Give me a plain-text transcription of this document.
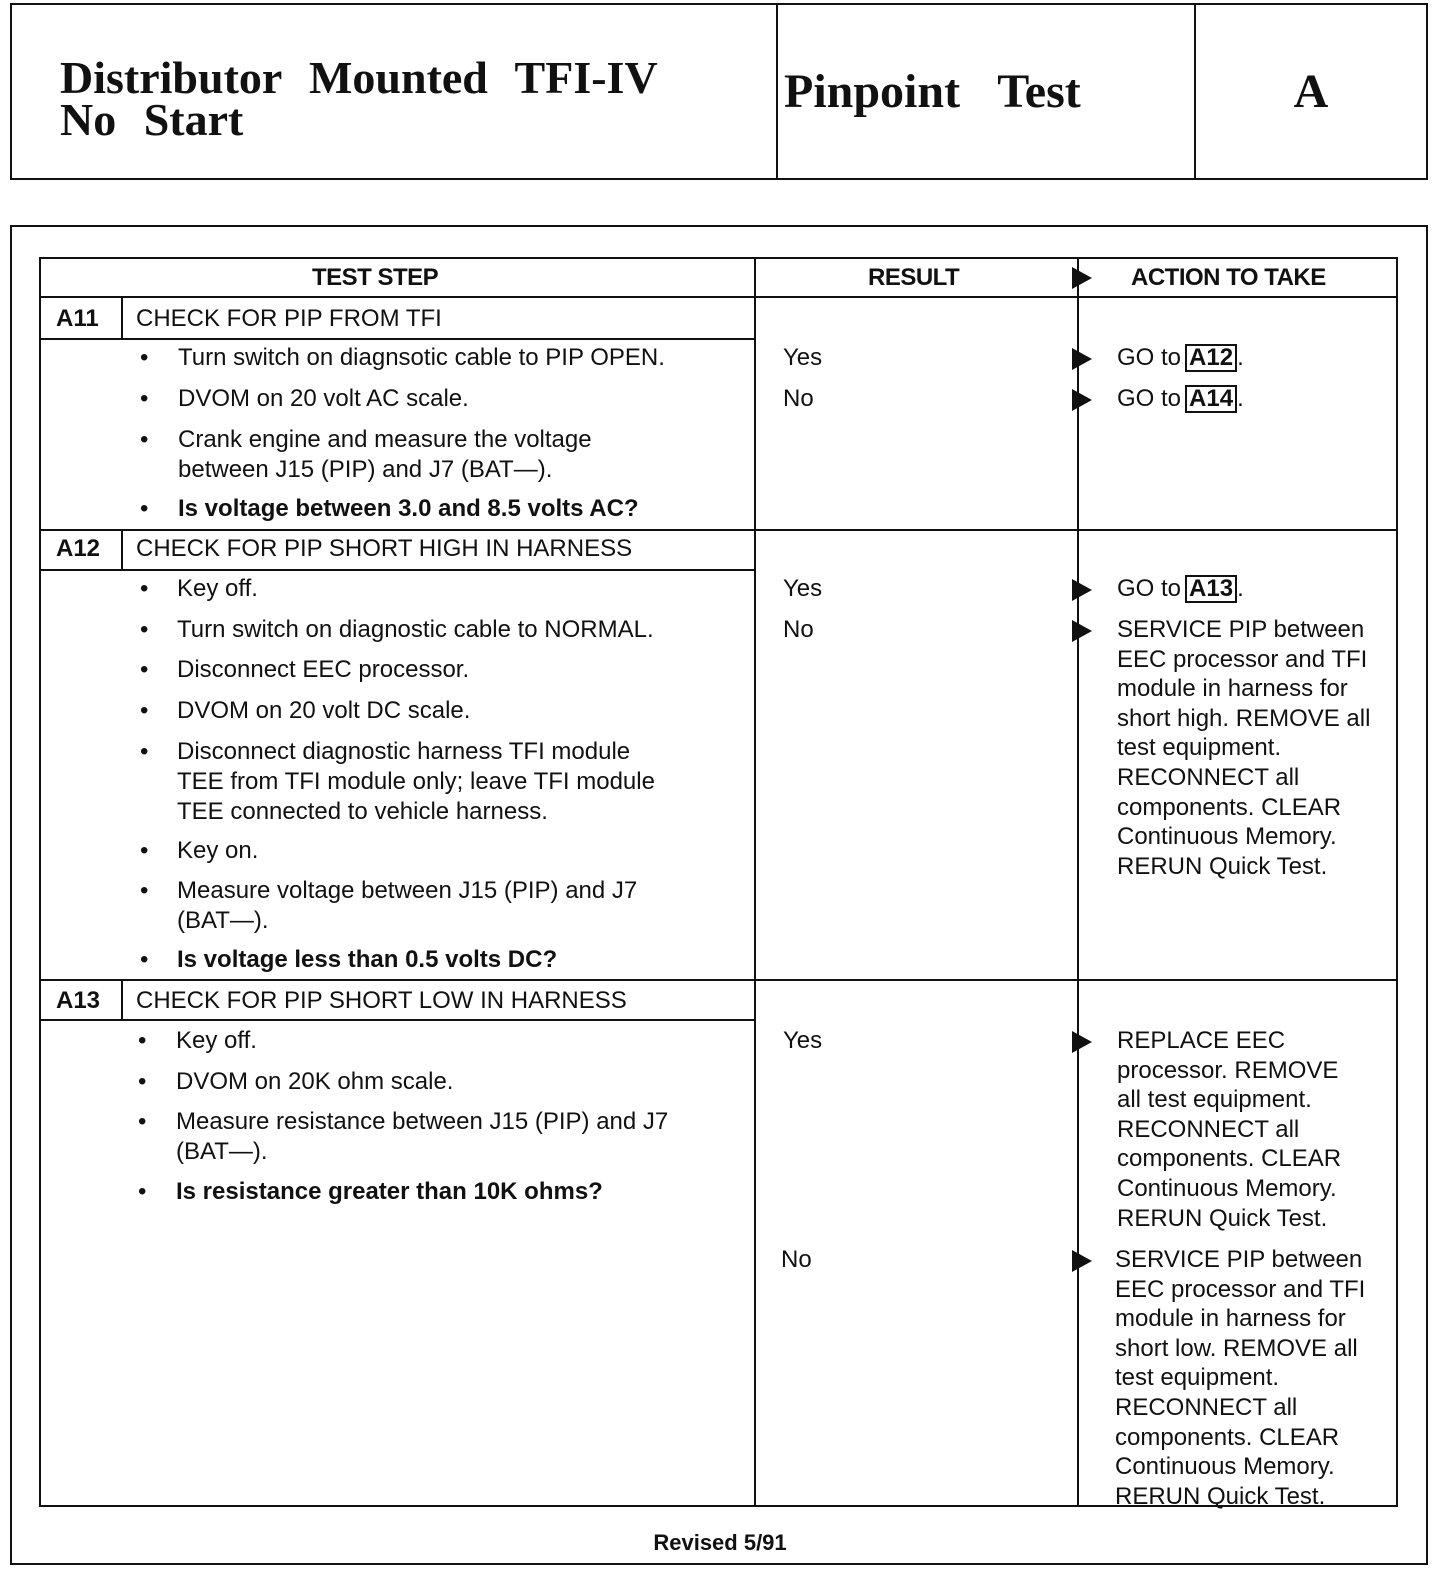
Distributor Mounted TFI-IV
No Start
Pinpoint Test	A
TEST STEP	RESULT	ACTION TO TAKE
A11 CHECK FOR PIP FROM TFI
• Turn switch on diagnsotic cable to PIP OPEN.
• DVOM on 20 volt AC scale.
• Crank engine and measure the voltage
between J15 (PIP) and J7 (BAT—).
• Is voltage between 3.0 and 8.5 volts AC?
Yes	GO to A12 .
No	GO to A14 .
A12 CHECK FOR PIP SHORT HIGH IN HARNESS
• Key off.
• Turn switch on diagnostic cable to NORMAL.
• Disconnect EEC processor.
• DVOM on 20 volt DC scale.
• Disconnect diagnostic harness TFI module
TEE from TFI module only; leave TFI module
TEE connected to vehicle harness.
• Key on.
• Measure voltage between J15 (PIP) and J7
(BAT—).
• Is voltage less than 0.5 volts DC?
Yes	GO to A13 .
No	SERVICE PIP between
EEC processor and TFI
module in harness for
short high. REMOVE all
test equipment.
RECONNECT all
components. CLEAR
Continuous Memory.
RERUN Quick Test.
A13 CHECK FOR PIP SHORT LOW IN HARNESS
• Key off.
• DVOM on 20K ohm scale.
• Measure resistance between J15 (PIP) and J7
(BAT—).
• Is resistance greater than 10K ohms?
Yes	REPLACE EEC
processor. REMOVE
all test equipment.
RECONNECT all
components. CLEAR
Continuous Memory.
RERUN Quick Test.
No	SERVICE PIP between
EEC processor and TFI
module in harness for
short low. REMOVE all
test equipment.
RECONNECT all
components. CLEAR
Continuous Memory.
RERUN Quick Test.
Revised 5/91
